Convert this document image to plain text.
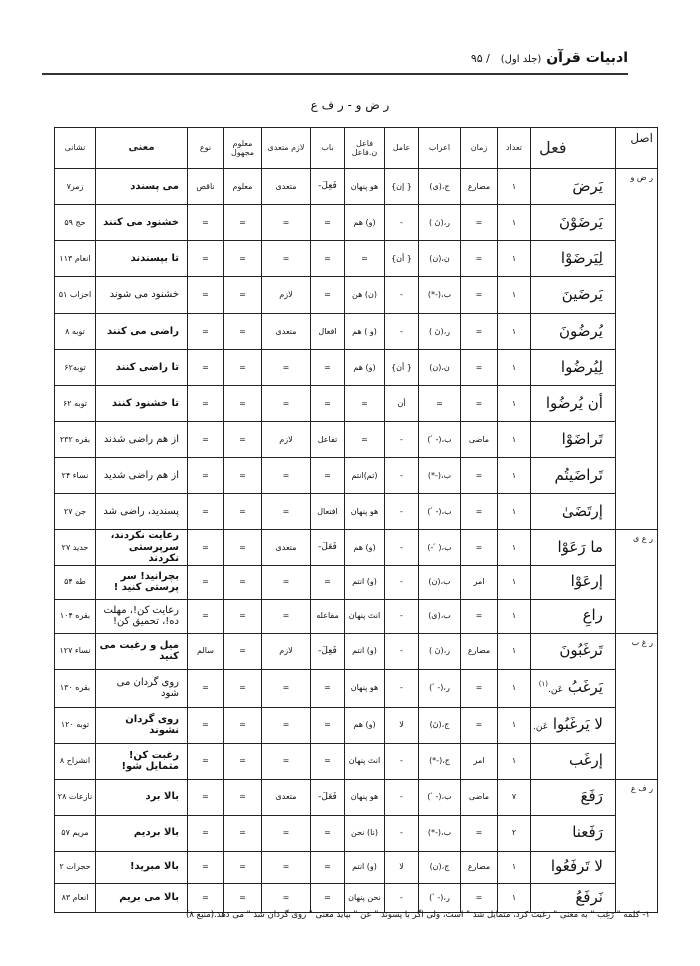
ادبیات قرآن (جلد اول) / ۹۵
ر ض و - ر ف ع
اصل	فعل	تعداد	زمان	اعراب	عامل	فاعل ن.فاعل	باب	لازم متعدی	معلوم مجهول	نوع	معنی	نشانی
ر ض و	يَرضَ	١	مضارع	ج،(ى)	{ إن}	هو پنهان	فَعِلَ-	متعدی	معلوم	ناقص	می پسندد	زمر۷
	يَرضَوْنَ	١	=	ر،(نَ )	-	(و) هم	=	=	=	=	خشنود می کنند	حج ۵۹
	لِيَرضَوْا	١	=	ن،(ن)	{ أن}	=	=	=	=	=	تا بپسندند	انعام ۱۱۳
	يَرضَينَ	١	=	ب،(-*)	-	(ن) هن	=	لازم	=	=	خشنود می شوند	احزاب ۵۱
	يُرضُونَ	١	=	ر،(نَ )	-	(و ) هم	افعال	متعدی	=	=	راضی می کنند	توبه ۸
	لِيُرضُوا	١	=	ن،(ن)	{ أن}	(و) هم	=	=	=	=	تا راضی کنند	توبه۶۲
	أن يُرضُوا	١	=	=	أن	=	=	=	=	=	تا خشنود کنند	توبه ۶۲
	تَراضَوْا	١	ماضی	ب،(- ́ )	-	=	تفاعل	لازم	=	=	از هم راضی شدند	بقره ۲۳۲
	تَراضَيتُم	١	=	ب،(-*)	-	(تم)انتم	=	=	=	=	از هم راضی شدید	نساء ۲۴
	إرتَضَىٰ	١	=	ب،(- ́ )	-	هو پنهان	افتعال	=	=	=	پسندید، راضی شد	جن ۲۷
ر ع ی	ما رَعَوْا	١	=	ب،( ́ -)	-	(و) هم	فَعَلَ-	متعدی	=	=	رعایت نکردند، سرپرستی نکردند	حدید ۲۷
	إرعَوْا	١	امر	ب،(ن)	-	(و) انتم	=	=	=	=	بچرانید! سر پرستی کنید !	طه ۵۴
	راعِ	١	=	ب،(ی)	-	انتَ پنهان	مفاعله	=	=	=	رعایت کن!، مهلت ده!، تحمیق کن!	بقره ۱۰۴
ر غ ب	تَرغَبُونَ	١	مضارع	ر،(نَ )	-	(و) انتم	فَعِلَ-	لازم	=	سالم	میل و رغبت می کنید	نساء ۱۲۷
	يَرغَبُ عَن.$^{(١)}$	١	=	ر،(- ́ )	-	هو پنهان	=	=	=	=	روی گردان می شود	بقره ۱۳۰
	لا يَرغَبُوا عَن.	١	=	ج،(نَ)	لا	(و) هم	=	=	=	=	روی گردان نشوند	توبه ۱۲۰
	إرغَب	١	امر	ج،(-*)	-	انتَ پنهان	=	=	=	=	رغبت کن! متمایل شو!	انشراح ۸
ر ف ع	رَفَعَ	۷	ماضی	ب،(- ́ )	-	هو پنهان	فَعَلَ-	متعدی	=	=	بالا برد	نازعات ۲۸
	رَفَعنا	۲	=	ب،(-*)	-	(نا) نحن	=	=	=	=	بالا بردیم	مریم ۵۷
	لا تَرفَعُوا	١	مضارع	ج،(ن)	لا	(و) انتم	=	=	=	=	بالا مبرید!	حجرات ۲
	نَرفَعُ	١	=	ر،(- ́ )	-	نحن پنهان	=	=	=	=	بالا می بریم	انعام ۸۳
۱- کلمه " رَغِبَ " به معنی " رغبت کرد، متمایل شد " است، ولی اگر با پسوند " عن " بیاید معنی " روی گردان شد " می دهد.(منبع ۸)
